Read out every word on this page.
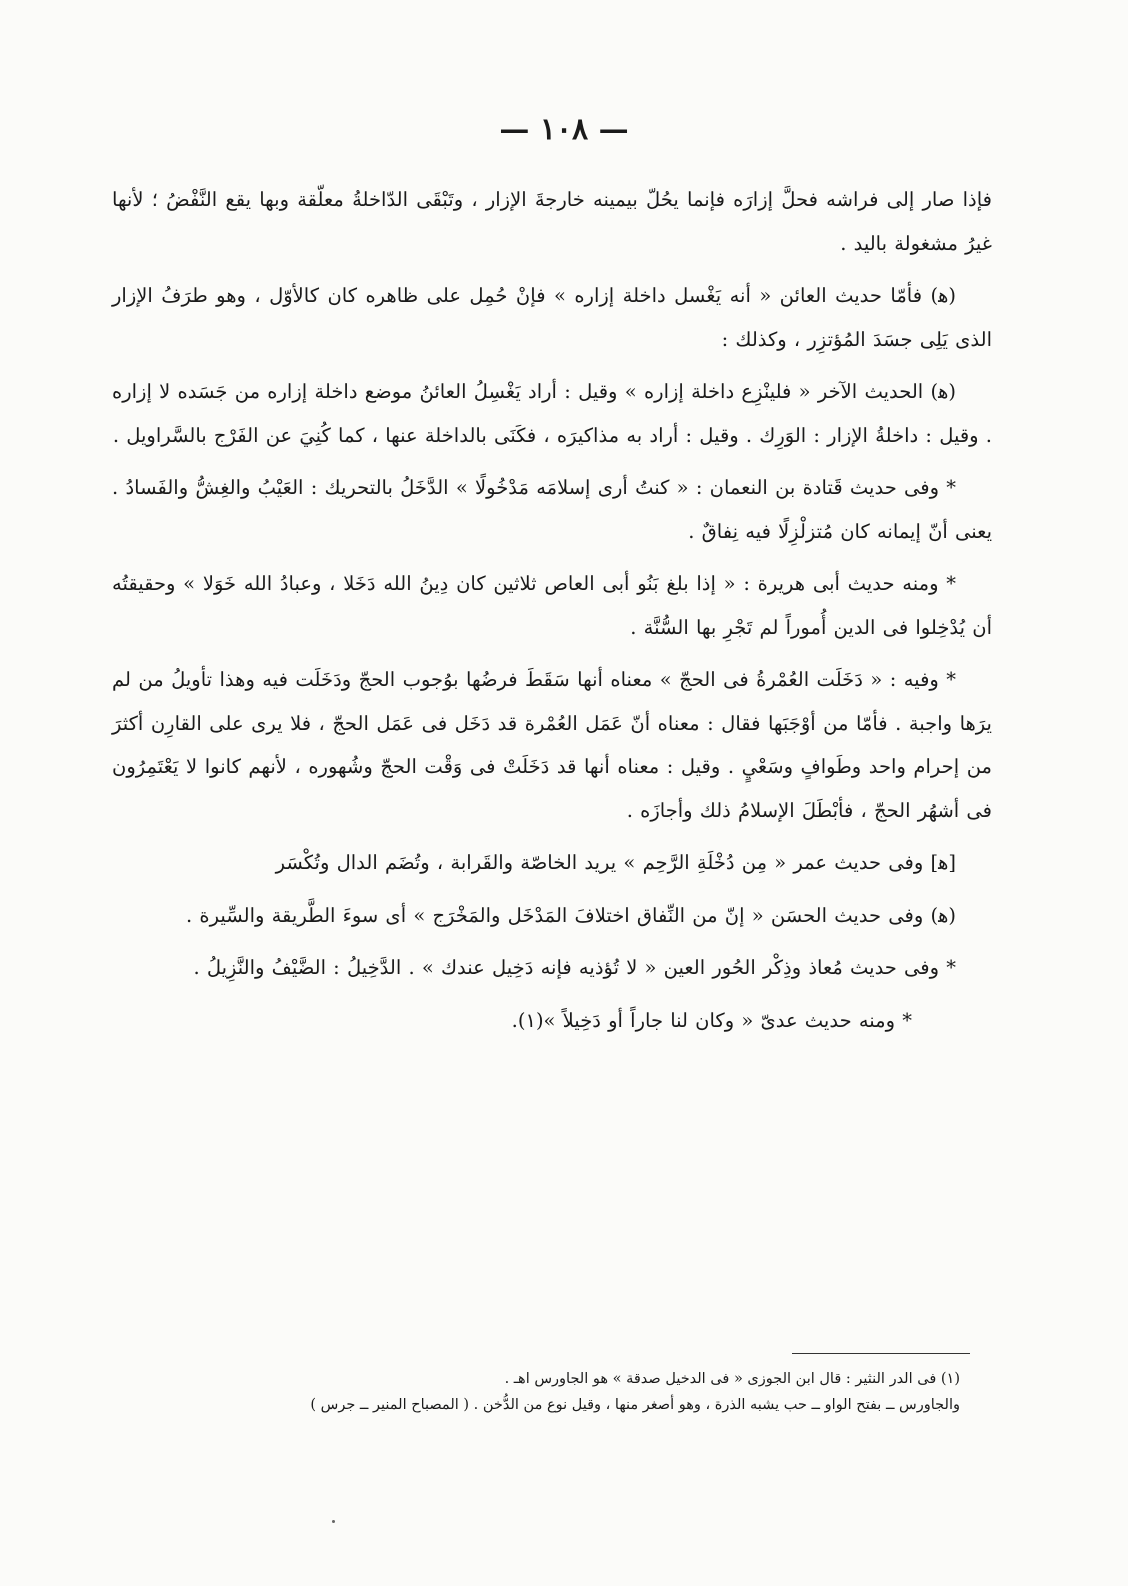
— ١٠٨ —

فإذا صار إلى فراشه فحلَّ إزارَه فإنما يحُلّ بيمينه خارجةَ الإزار ، وتَبْقَى الدّاخلةُ معلّقة وبها يقع النَّفْضُ ؛ لأنها غيرُ مشغولة باليد .

(ﻫ) فأمّا حديث العائن « أنه يَغْسل داخلة إزاره » فإنْ حُمِل على ظاهره كان كالأوّل ، وهو طرَفُ الإزار الذى يَلِى جسَدَ المُؤتزِر ، وكذلك :

(ﻫ) الحديث الآخر « فلينْزِع داخلة إزاره » وقيل : أراد يَغْسِلُ العائنُ موضع داخلة إزاره من جَسَده لا إزاره . وقيل : داخلةُ الإزار : الوَرِك . وقيل : أراد به مذاكيرَه ، فكَنَى بالداخلة عنها ، كما كُنِيَ عن الفَرْج بالسَّراويل .

* وفى حديث قَتادة بن النعمان : « كنتُ أرى إسلامَه مَدْخُولًا » الدَّخَلُ بالتحريك : العَيْبُ والغِشُّ والفَسادُ . يعنى أنّ إيمانه كان مُتزلْزِلًا فيه نِفاقٌ .

* ومنه حديث أبى هريرة : « إذا بلغ بَنُو أبى العاص ثلاثين كان دِينُ الله دَخَلا ، وعبادُ الله خَوَلا » وحقيقتُه أن يُدْخِلوا فى الدين أُموراً لم تَجْرِ بها السُّنَّة .

* وفيه : « دَخَلَت العُمْرةُ فى الحجّ » معناه أنها سَقَطَ فرضُها بوُجوب الحجّ ودَخَلَت فيه وهذا تأويلُ من لم يرَها واجبة . فأمّا من أوْجَبَها فقال : معناه أنّ عَمَل العُمْرة قد دَخَل فى عَمَل الحجّ ، فلا يرى على القارِن أكثرَ من إحرام واحد وطَوافٍ وسَعْيٍ . وقيل : معناه أنها قد دَخَلَتْ فى وَقْت الحجّ وشُهوره ، لأنهم كانوا لا يَعْتَمِرُون فى أشهُر الحجّ ، فأبْطَلَ الإسلامُ ذلك وأجازَه .

[ﻫ] وفى حديث عمر « مِن دُخْلَةِ الرَّحِم » يريد الخاصّة والقَرابة ، وتُضَم الدال وتُكْسَر

(ﻫ) وفى حديث الحسَن « إنّ من النِّفاق اختلافَ المَدْخَل والمَخْرَج » أى سوءَ الطَّريقة والسِّيرة .

* وفى حديث مُعاذ وذِكْر الحُور العين « لا تُؤذيه فإنه دَخِيل عندك » . الدَّخِيلُ : الضَّيْفُ والنَّزِيلُ .

* ومنه حديث عدىّ « وكان لنا جاراً أو دَخِيلاً »(١).

(١) فى الدر النثير : قال ابن الجوزى « فى الدخيل صدقة » هو الجاورس اهـ .

والجاورس ــ بفتح الواو ــ حب يشبه الذرة ، وهو أصغر منها ، وقيل نوع من الدُّخن . ( المصباح المنير ــ جرس )
